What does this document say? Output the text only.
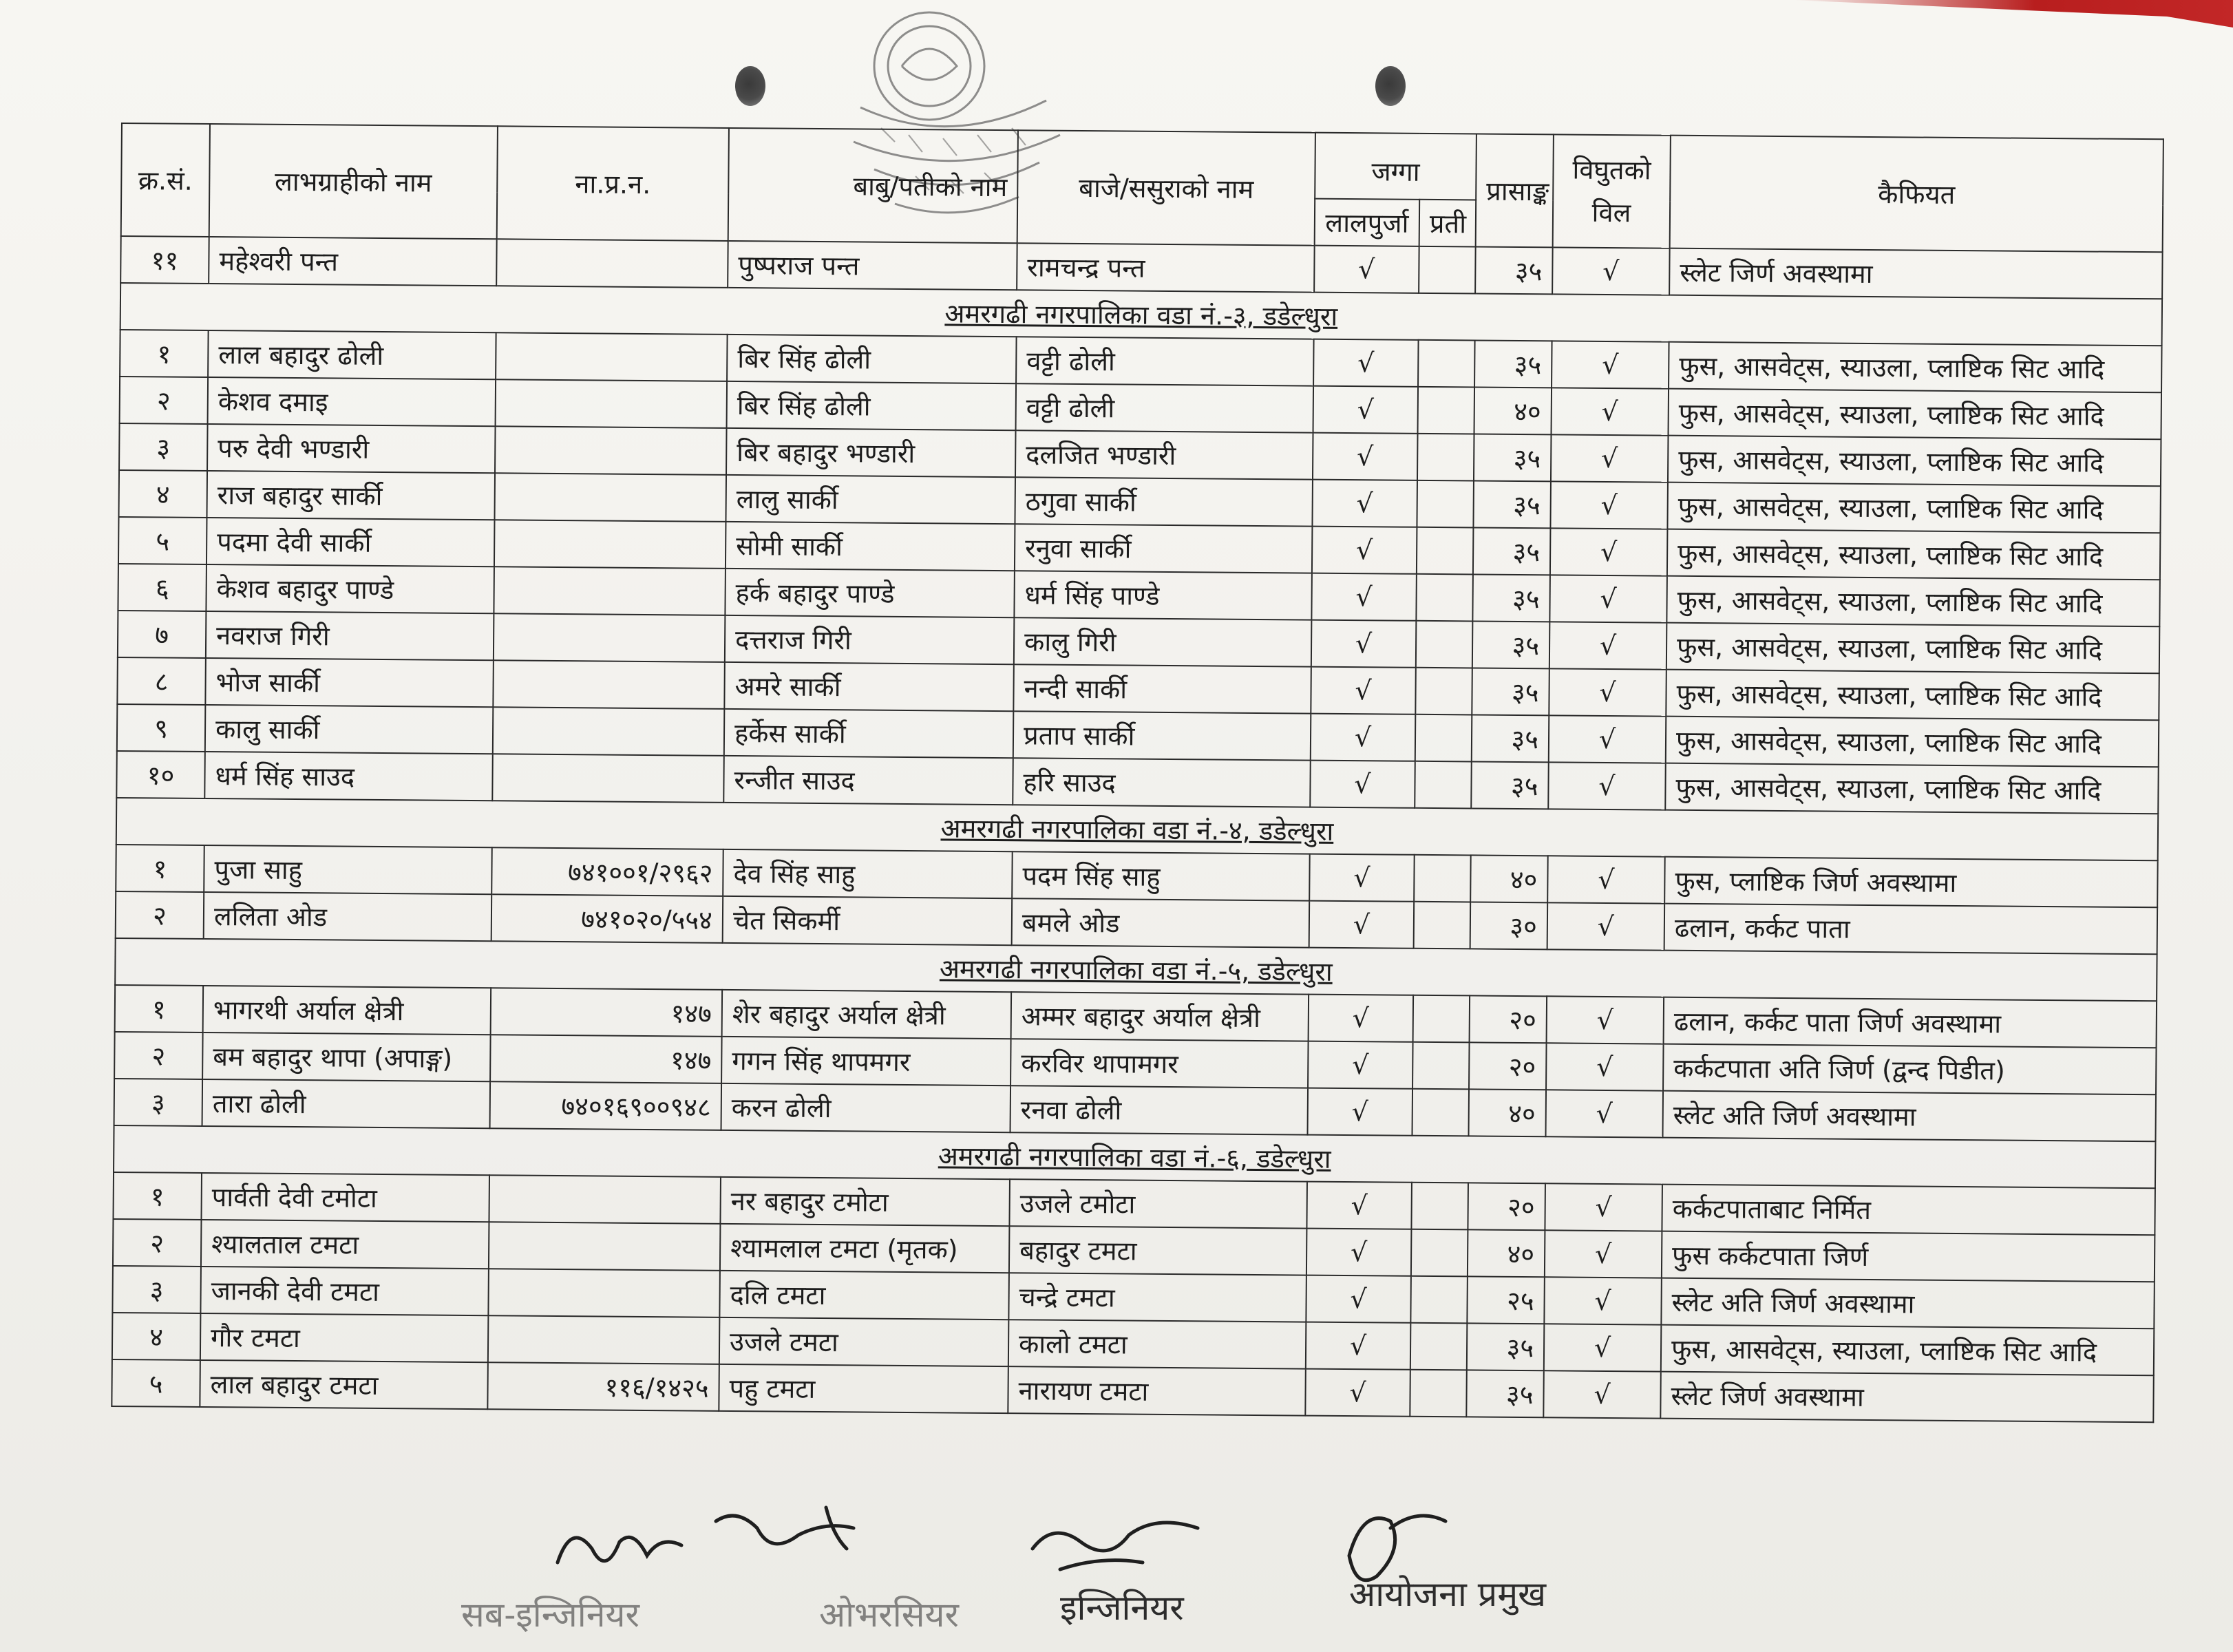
क्र.सं.	लाभग्राहीको नाम	ना.प्र.न.	बाबु/पतीको नाम	बाजे/ससुराको नाम	जग्गा		प्रासाङ्क	विघुतको विल	कैफियत
					लालपुर्जा	प्रती			
११	महेश्वरी पन्त		पुष्पराज पन्त	रामचन्द्र पन्त	√		३५	√	स्लेट जिर्ण अवस्थामा
अमरगढी नगरपालिका वडा नं.-३, डडेल्धुरा									
१	लाल बहादुर ढोली		बिर सिंह ढोली	वट्टी ढोली	√		३५	√	फुस, आसवेट्स, स्याउला, प्लाष्टिक सिट आदि
२	केशव दमाइ		बिर सिंह ढोली	वट्टी ढोली	√		४०	√	फुस, आसवेट्स, स्याउला, प्लाष्टिक सिट आदि
३	परु देवी भण्डारी		बिर बहादुर भण्डारी	दलजित भण्डारी	√		३५	√	फुस, आसवेट्स, स्याउला, प्लाष्टिक सिट आदि
४	राज बहादुर सार्की		लालु सार्की	ठगुवा सार्की	√		३५	√	फुस, आसवेट्स, स्याउला, प्लाष्टिक सिट आदि
५	पदमा देवी सार्की		सोमी सार्की	रनुवा सार्की	√		३५	√	फुस, आसवेट्स, स्याउला, प्लाष्टिक सिट आदि
६	केशव बहादुर पाण्डे		हर्क बहादुर पाण्डे	धर्म सिंह पाण्डे	√		३५	√	फुस, आसवेट्स, स्याउला, प्लाष्टिक सिट आदि
७	नवराज गिरी		दत्तराज गिरी	कालु गिरी	√		३५	√	फुस, आसवेट्स, स्याउला, प्लाष्टिक सिट आदि
८	भोज सार्की		अमरे सार्की	नन्दी सार्की	√		३५	√	फुस, आसवेट्स, स्याउला, प्लाष्टिक सिट आदि
९	कालु सार्की		हर्केस सार्की	प्रताप सार्की	√		३५	√	फुस, आसवेट्स, स्याउला, प्लाष्टिक सिट आदि
१०	धर्म सिंह साउद		रन्जीत साउद	हरि साउद	√		३५	√	फुस, आसवेट्स, स्याउला, प्लाष्टिक सिट आदि
अमरगढी नगरपालिका वडा नं.-४, डडेल्धुरा									
१	पुजा साहु	७४१००१/२९६२	देव सिंह साहु	पदम सिंह साहु	√		४०	√	फुस, प्लाष्टिक जिर्ण अवस्थामा
२	ललिता ओड	७४१०२०/५५४	चेत सिकर्मी	बमले ओड	√		३०	√	ढलान, कर्कट पाता
अमरगढी नगरपालिका वडा नं.-५, डडेल्धुरा									
१	भागरथी अर्याल क्षेत्री	१४७	शेर बहादुर अर्याल क्षेत्री	अम्मर बहादुर अर्याल क्षेत्री	√		२०	√	ढलान, कर्कट पाता जिर्ण अवस्थामा
२	बम बहादुर थापा (अपाङ्ग)	१४७	गगन सिंह थापमगर	करविर थापामगर	√		२०	√	कर्कटपाता अति जिर्ण (द्वन्द पिडीत)
३	तारा ढोली	७४०१६९००९४८	करन ढोली	रनवा ढोली	√		४०	√	स्लेट अति जिर्ण अवस्थामा
अमरगढी नगरपालिका वडा नं.-६, डडेल्धुरा									
१	पार्वती देवी टमोटा		नर बहादुर टमोटा	उजले टमोटा	√		२०	√	कर्कटपाताबाट निर्मित
२	श्यालताल टमटा		श्यामलाल टमटा (मृतक)	बहादुर टमटा	√		४०	√	फुस कर्कटपाता जिर्ण
३	जानकी देवी टमटा		दलि टमटा	चन्द्रे टमटा	√		२५	√	स्लेट अति जिर्ण अवस्थामा
४	गौर टमटा		उजले टमटा	कालो टमटा	√		३५	√	फुस, आसवेट्स, स्याउला, प्लाष्टिक सिट आदि
५	लाल बहादुर टमटा	११६/१४२५	पहु टमटा	नारायण टमटा	√		३५	√	स्लेट जिर्ण अवस्थामा
सब-इन्जिनियर	ओभरसियर	इन्जिनियर	आयोजना प्रमुख
